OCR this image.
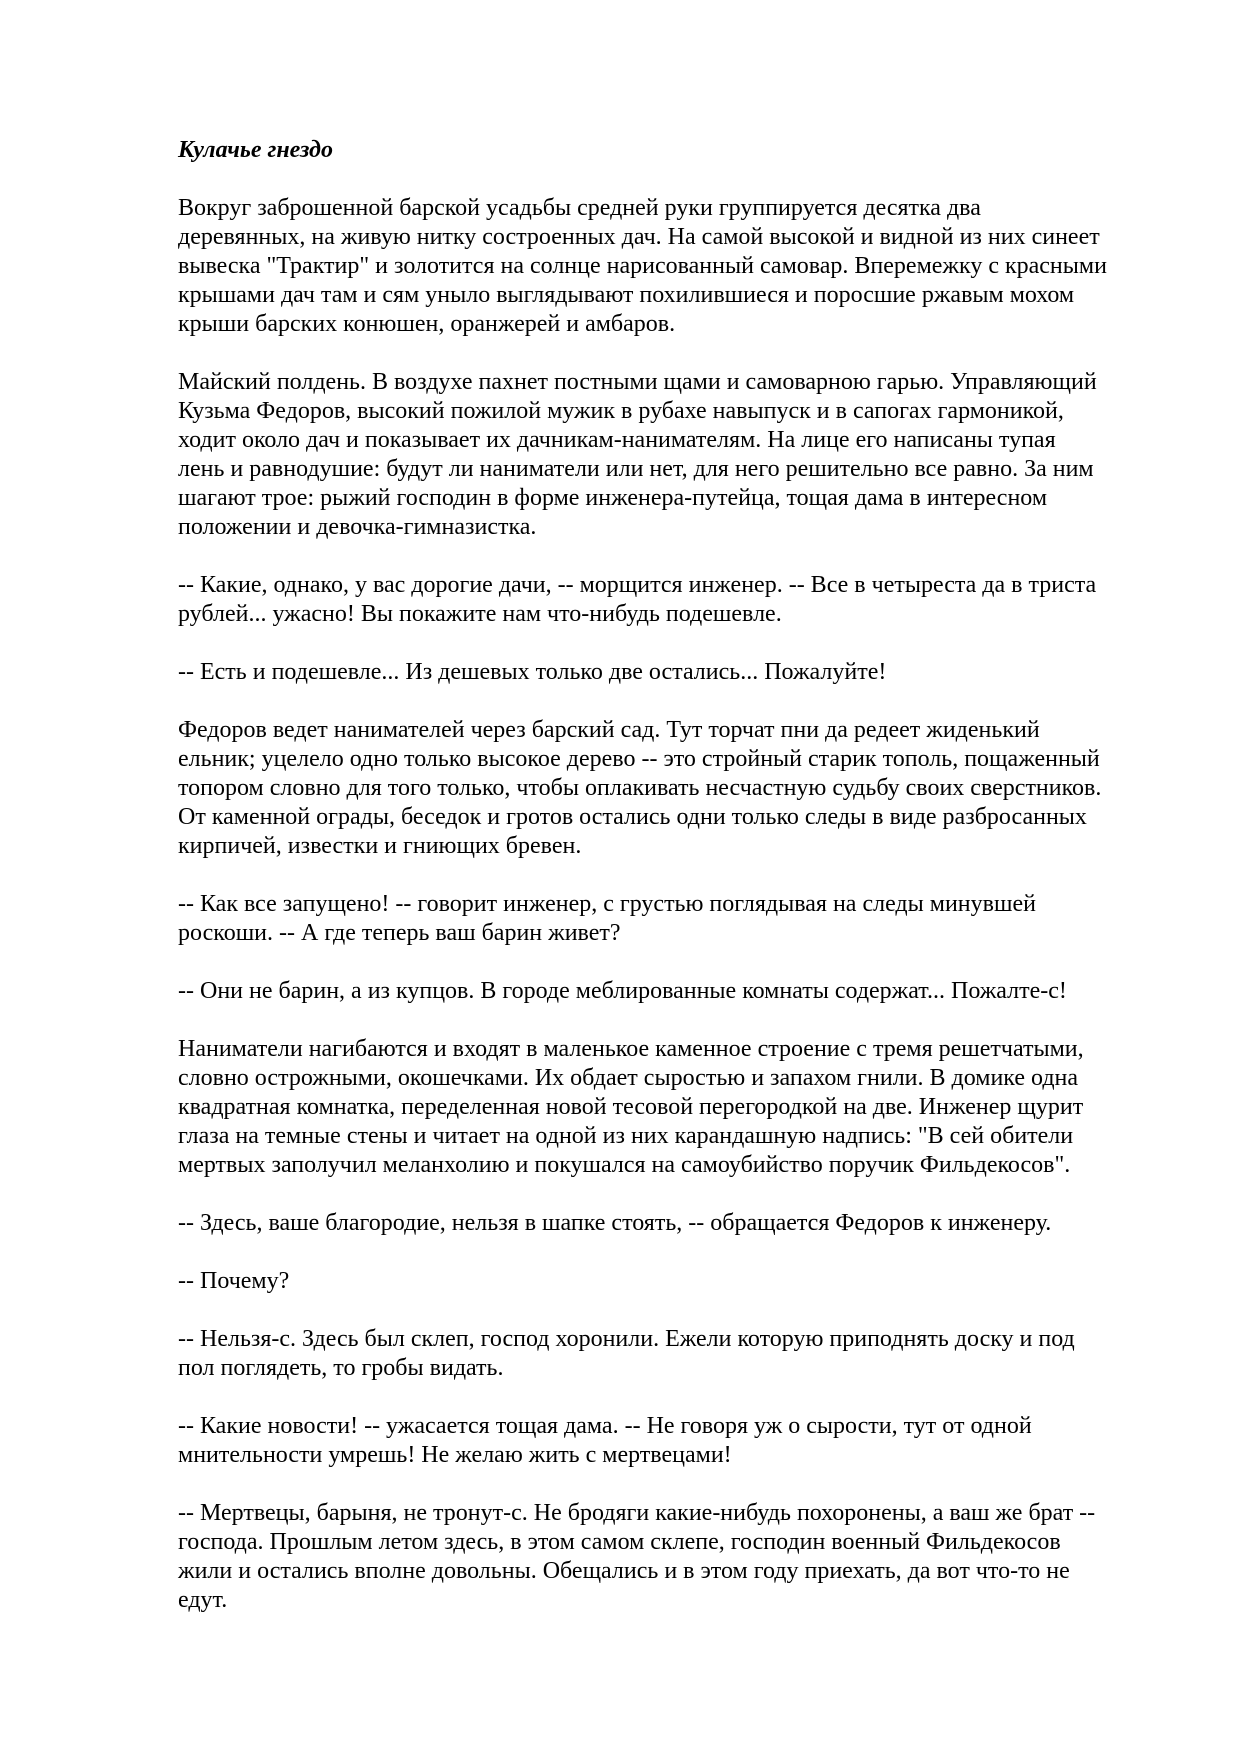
Кулачье гнездо
Вокруг заброшенной барской усадьбы средней руки группируется десятка два
деревянных, на живую нитку состроенных дач. На самой высокой и видной из них синеет
вывеска "Трактир" и золотится на солнце нарисованный самовар. Вперемежку с красными
крышами дач там и сям уныло выглядывают похилившиеся и поросшие ржавым мохом
крыши барских конюшен, оранжерей и амбаров.
Майский полдень. В воздухе пахнет постными щами и самоварною гарью. Управляющий
Кузьма Федоров, высокий пожилой мужик в рубахе навыпуск и в сапогах гармоникой,
ходит около дач и показывает их дачникам-нанимателям. На лице его написаны тупая
лень и равнодушие: будут ли наниматели или нет, для него решительно все равно. За ним
шагают трое: рыжий господин в форме инженера-путейца, тощая дама в интересном
положении и девочка-гимназистка.
-- Какие, однако, у вас дорогие дачи, -- морщится инженер. -- Все в четыреста да в триста
рублей... ужасно! Вы покажите нам что-нибудь подешевле.
-- Есть и подешевле... Из дешевых только две остались... Пожалуйте!
Федоров ведет нанимателей через барский сад. Тут торчат пни да редеет жиденький
ельник; уцелело одно только высокое дерево -- это стройный старик тополь, пощаженный
топором словно для того только, чтобы оплакивать несчастную судьбу своих сверстников.
От каменной ограды, беседок и гротов остались одни только следы в виде разбросанных
кирпичей, известки и гниющих бревен.
-- Как все запущено! -- говорит инженер, с грустью поглядывая на следы минувшей
роскоши. -- А где теперь ваш барин живет?
-- Они не барин, а из купцов. В городе меблированные комнаты содержат... Пожалте-с!
Наниматели нагибаются и входят в маленькое каменное строение с тремя решетчатыми,
словно острожными, окошечками. Их обдает сыростью и запахом гнили. В домике одна
квадратная комнатка, переделенная новой тесовой перегородкой на две. Инженер щурит
глаза на темные стены и читает на одной из них карандашную надпись: "В сей обители
мертвых заполучил меланхолию и покушался на самоубийство поручик Фильдекосов".
-- Здесь, ваше благородие, нельзя в шапке стоять, -- обращается Федоров к инженеру.
-- Почему?
-- Нельзя-с. Здесь был склеп, господ хоронили. Ежели которую приподнять доску и под
пол поглядеть, то гробы видать.
-- Какие новости! -- ужасается тощая дама. -- Не говоря уж о сырости, тут от одной
мнительности умрешь! Не желаю жить с мертвецами!
-- Мертвецы, барыня, не тронут-с. Не бродяги какие-нибудь похоронены, а ваш же брат --
господа. Прошлым летом здесь, в этом самом склепе, господин военный Фильдекосов
жили и остались вполне довольны. Обещались и в этом году приехать, да вот что-то не
едут.
